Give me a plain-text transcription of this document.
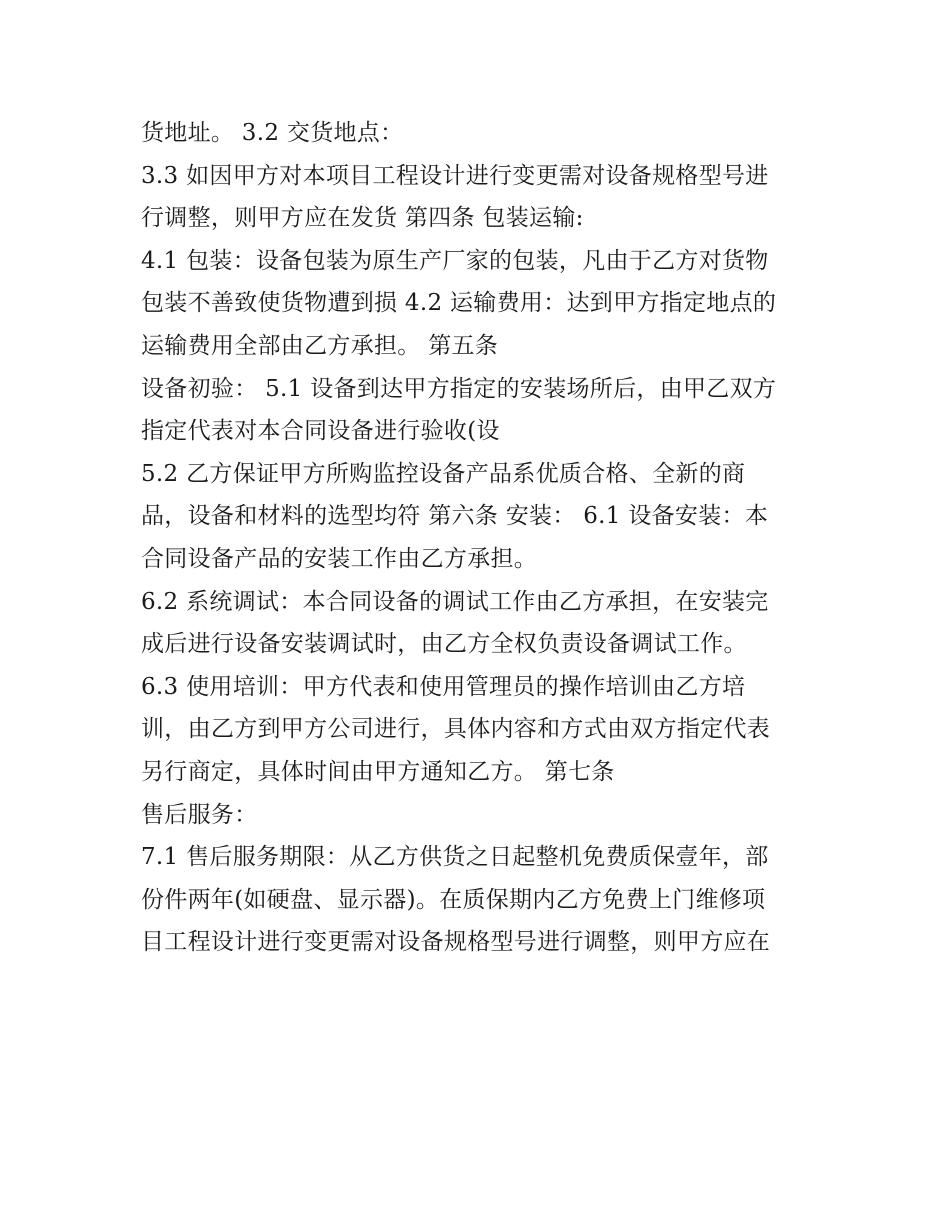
货地址。 3.2 交货地点：
3.3 如因甲方对本项目工程设计进行变更需对设备规格型号进
行调整，则甲方应在发货 第四条 包装运输:
4.1 包装：设备包装为原生产厂家的包装，凡由于乙方对货物
包装不善致使货物遭到损 4.2 运输费用：达到甲方指定地点的
运输费用全部由乙方承担。 第五条
设备初验： 5.1 设备到达甲方指定的安装场所后，由甲乙双方
指定代表对本合同设备进行验收(设
5.2 乙方保证甲方所购监控设备产品系优质合格、全新的商
品，设备和材料的选型均符 第六条 安装： 6.1 设备安装：本
合同设备产品的安装工作由乙方承担。
6.2 系统调试：本合同设备的调试工作由乙方承担，在安装完
成后进行设备安装调试时，由乙方全权负责设备调试工作。
6.3 使用培训：甲方代表和使用管理员的操作培训由乙方培
训，由乙方到甲方公司进行，具体内容和方式由双方指定代表
另行商定，具体时间由甲方通知乙方。 第七条
售后服务：
7.1 售后服务期限：从乙方供货之日起整机免费质保壹年，部
份件两年(如硬盘、显示器)。在质保期内乙方免费上门维修项
目工程设计进行变更需对设备规格型号进行调整，则甲方应在
